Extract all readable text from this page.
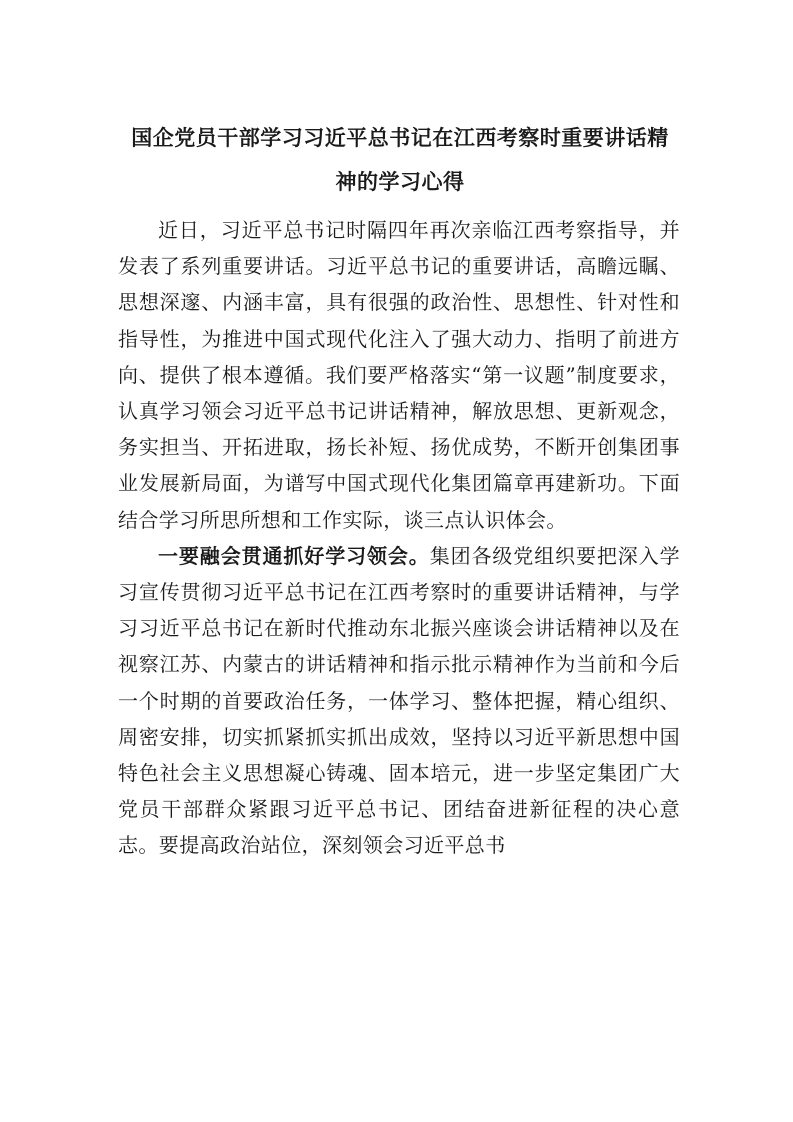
国企党员干部学习习近平总书记在江西考察时重要讲话精
神的学习心得

近日，习近平总书记时隔四年再次亲临江西考察指导，并发表了系列重要讲话。习近平总书记的重要讲话，高瞻远瞩、思想深邃、内涵丰富，具有很强的政治性、思想性、针对性和指导性，为推进中国式现代化注入了强大动力、指明了前进方向、提供了根本遵循。我们要严格落实“第一议题”制度要求，认真学习领会习近平总书记讲话精神，解放思想、更新观念，务实担当、开拓进取，扬长补短、扬优成势，不断开创集团事业发展新局面，为谱写中国式现代化集团篇章再建新功。下面结合学习所思所想和工作实际，谈三点认识体会。

一要融会贯通抓好学习领会。集团各级党组织要把深入学习宣传贯彻习近平总书记在江西考察时的重要讲话精神，与学习习近平总书记在新时代推动东北振兴座谈会讲话精神以及在视察江苏、内蒙古的讲话精神和指示批示精神作为当前和今后一个时期的首要政治任务，一体学习、整体把握，精心组织、周密安排，切实抓紧抓实抓出成效，坚持以习近平新思想中国特色社会主义思想凝心铸魂、固本培元，进一步坚定集团广大党员干部群众紧跟习近平总书记、团结奋进新征程的决心意志。要提高政治站位，深刻领会习近平总书
